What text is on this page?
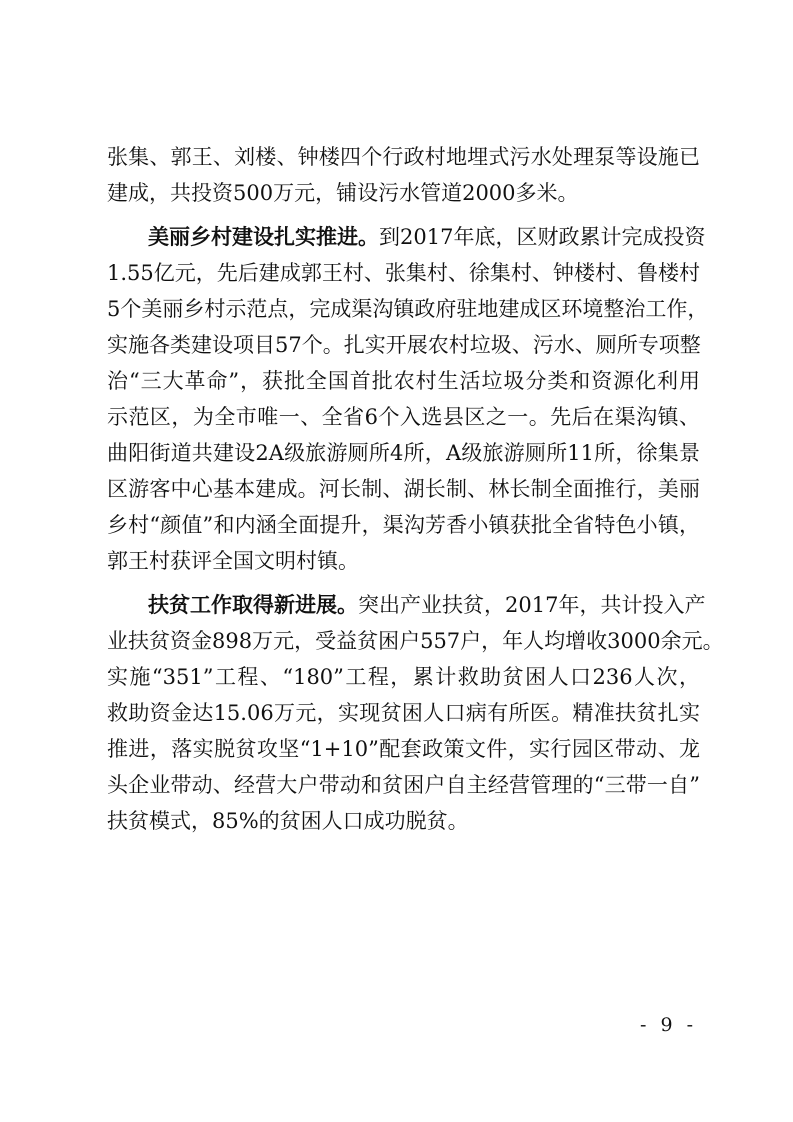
张集、郭王、刘楼、钟楼四个行政村地埋式污水处理泵等设施已
建成，共投资500万元，铺设污水管道2000多米。
美丽乡村建设扎实推进。到2017年底，区财政累计完成投资
1.55亿元，先后建成郭王村、张集村、徐集村、钟楼村、鲁楼村
5个美丽乡村示范点，完成渠沟镇政府驻地建成区环境整治工作，
实施各类建设项目57个。扎实开展农村垃圾、污水、厕所专项整
治“三大革命”，获批全国首批农村生活垃圾分类和资源化利用
示范区，为全市唯一、全省6个入选县区之一。先后在渠沟镇、
曲阳街道共建设2A级旅游厕所4所，A级旅游厕所11所，徐集景
区游客中心基本建成。河长制、湖长制、林长制全面推行，美丽
乡村“颜值”和内涵全面提升，渠沟芳香小镇获批全省特色小镇，
郭王村获评全国文明村镇。
扶贫工作取得新进展。突出产业扶贫，2017年，共计投入产
业扶贫资金898万元，受益贫困户557户，年人均增收3000余元。
实施“351”工程、“180”工程，累计救助贫困人口236人次，
救助资金达15.06万元，实现贫困人口病有所医。精准扶贫扎实
推进，落实脱贫攻坚“1+10”配套政策文件，实行园区带动、龙
头企业带动、经营大户带动和贫困户自主经营管理的“三带一自”
扶贫模式，85%的贫困人口成功脱贫。
- 9 -
